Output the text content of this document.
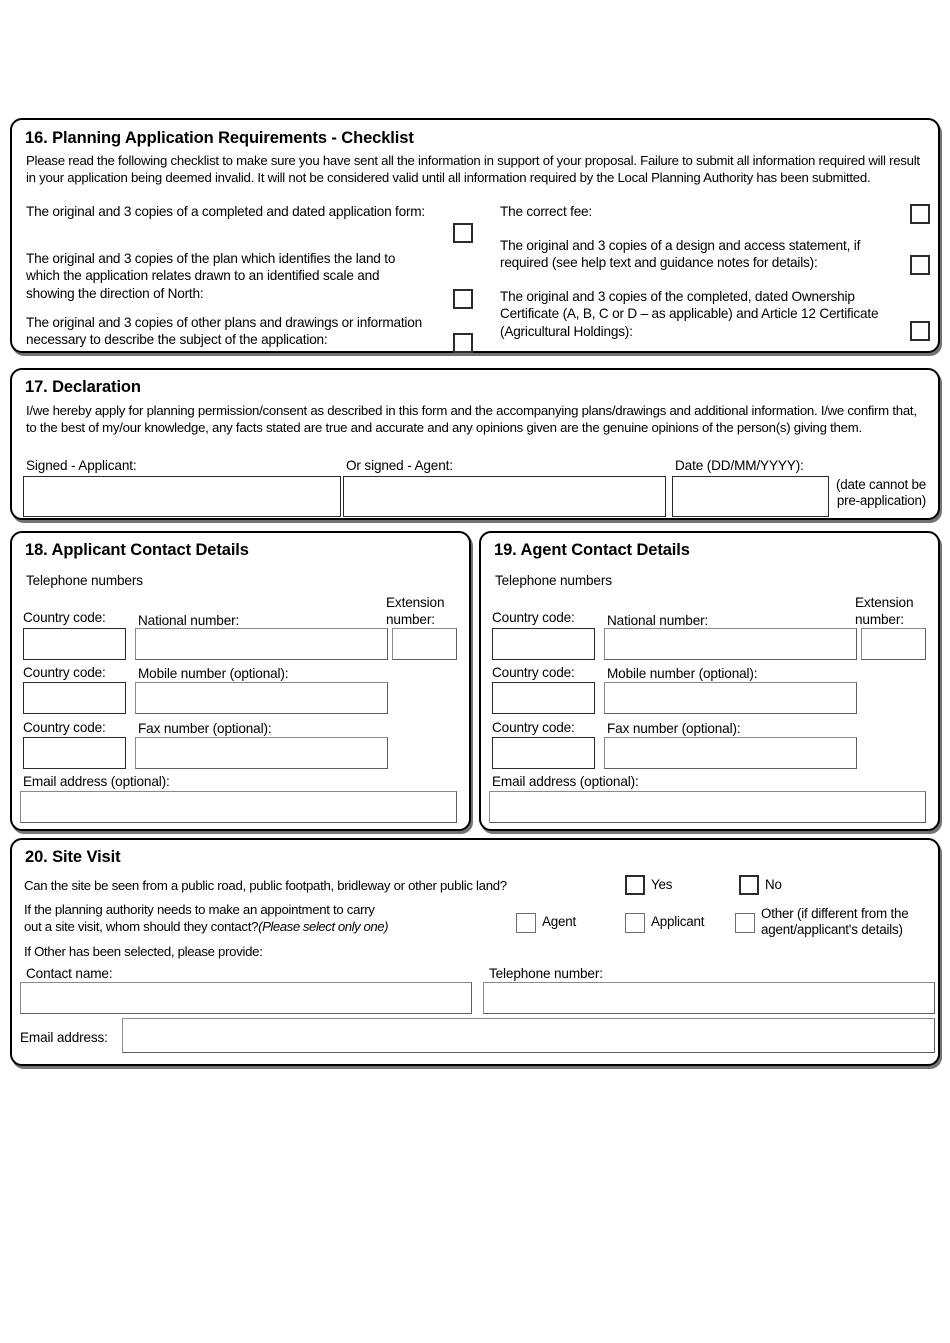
16. Planning Application Requirements - Checklist
Please read the following checklist to make sure you have sent all the information in support of your proposal. Failure to submit all information required will result in your application being deemed invalid. It will not be considered valid until all information required by the Local Planning Authority has been submitted.
The original and 3 copies of a completed and dated application form:
The original and 3 copies of the plan which identifies the land to which the application relates drawn to an identified scale and showing the direction of North:
The original and 3 copies of other plans and drawings or information necessary to describe the subject of the application:
The correct fee:
The original and 3 copies of a design and access statement, if required (see help text and guidance notes for details):
The original and 3 copies of the completed, dated Ownership Certificate (A, B, C or D – as applicable) and Article 12 Certificate (Agricultural Holdings):
17. Declaration
I/we hereby apply for planning permission/consent as described in this form and the accompanying plans/drawings and additional information. I/we confirm that, to the best of my/our knowledge, any facts stated are true and accurate and any opinions given are the genuine opinions of the person(s) giving them.
Signed - Applicant:	Or signed - Agent:	Date (DD/MM/YYYY):
(date cannot be
pre-application)
18. Applicant Contact Details
Telephone numbers
Country code: National number:
Extension
number:
Country code: Mobile number (optional):
Country code: Fax number (optional):
Email address (optional):
19. Agent Contact Details
Telephone numbers
Country code: National number:
Extension
number:
Country code: Mobile number (optional):
Country code: Fax number (optional):
Email address (optional):
20. Site Visit
Can the site be seen from a public road, public footpath, bridleway or other public land?	Yes	No
If the planning authority needs to make an appointment to carry
out a site visit, whom should they contact?(Please select only one)	Agent	Applicant
Other (if different from the
agent/applicant's details)
If Other has been selected, please provide:
Contact name:	Telephone number:
Email address:
